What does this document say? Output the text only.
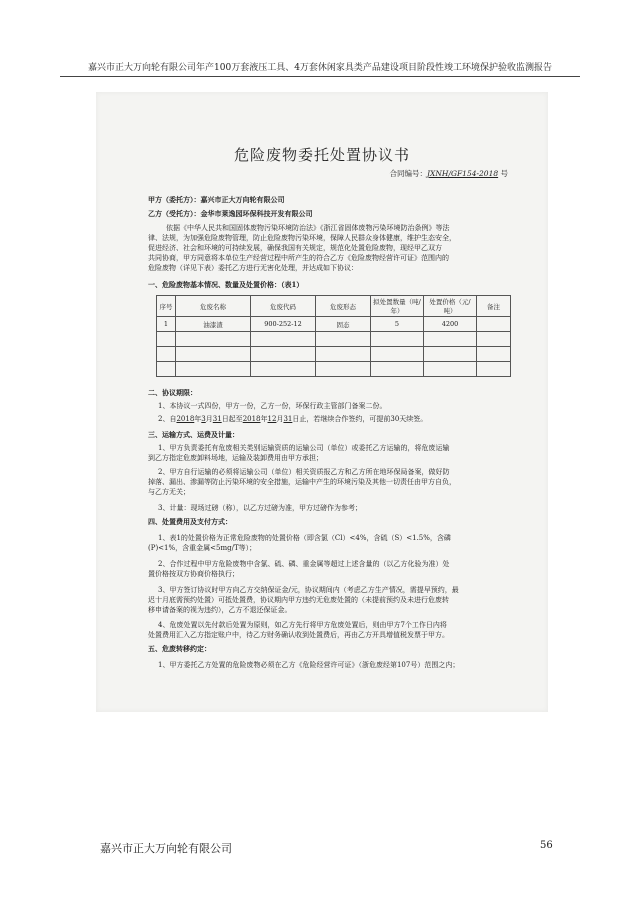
嘉兴市正大万向轮有限公司年产100万套液压工具、4万套休闲家具类产品建设项目阶段性竣工环境保护验收监测报告
危险废物委托处置协议书
合同编号：JXNH/GF154-2018 号
甲方（委托方）：嘉兴市正大万向轮有限公司
乙方（受托方）：金华市莱逸园环保科技开发有限公司
依据《中华人民共和国固体废物污染环境防治法》《浙江省固体废物污染环境防治条例》等法
律、法规，为加强危险废物管理，防止危险废物污染环境，保障人民群众身体健康，维护生态安全，
促进经济、社会和环境的可持续发展，确保我国有关规定，规范化处置危险废物，现经甲乙双方
共同协商，甲方同意将本单位生产经营过程中所产生的符合乙方《危险废物经营许可证》范围内的
危险废物（详见下表）委托乙方进行无害化处理，并达成如下协议：
一、危险废物基本情况、数量及处置价格：（表1）
序号	危废名称	危废代码	危废形态	拟处置数量（吨/年）	处置价格（元/吨）	备注
1	油漆渣	900-252-12	固态	5	4200	

二、协议期限：
1、本协议一式四份，甲方一份，乙方一份，环保行政主管部门备案二份。
2、自2018年3月31日起至2018年12月31日止，若继续合作签约，可提前30天续签。
三、运输方式、运费及计量：
1、甲方负责委托有危废相关类别运输资质的运输公司（单位）或委托乙方运输的，将危废运输
到乙方指定危废卸料场地，运输及装卸费用由甲方承担；
2、甲方自行运输的必须将运输公司（单位）相关资质报乙方和乙方所在地环保局备案，做好防
掉落、漏出、渗漏等防止污染环境的安全措施，运输中产生的环境污染及其他一切责任由甲方自负，
与乙方无关；
3、计量：现场过磅（称），以乙方过磅为准，甲方过磅作为参考；
四、处置费用及支付方式：
1、表1的处置价格为正常危险废物的处置价格（即含氯（Cl）<4%，含硫（S）<1.5%，含磷
(P)<1%，含重金属<5mg/T等）；
2、合作过程中甲方危险废物中含氯、硫、磷、重金属等超过上述含量的（以乙方化验为准）处
置价格按双方协商价格执行；
3、甲方签订协议时甲方向乙方交纳保证金/元，协议期间内（考虑乙方生产情况，需提早预约，最
迟十月底需预约处置）可抵处置费，协议期内甲方违约无危废处置的（未提前预约及未进行危废转
移申请备案的视为违约），乙方不退还保证金。
4、危废处置以先付款后处置为原则，如乙方先行将甲方危废处置后，则由甲方7个工作日内将
处置费用汇入乙方指定账户中，待乙方财务确认收到处置费后，再由乙方开具增值税发票于甲方。
五、危废转移约定：
1、甲方委托乙方处置的危险废物必须在乙方《危险经营许可证》（浙危废经第107号）范围之内；
嘉兴市正大万向轮有限公司	56
